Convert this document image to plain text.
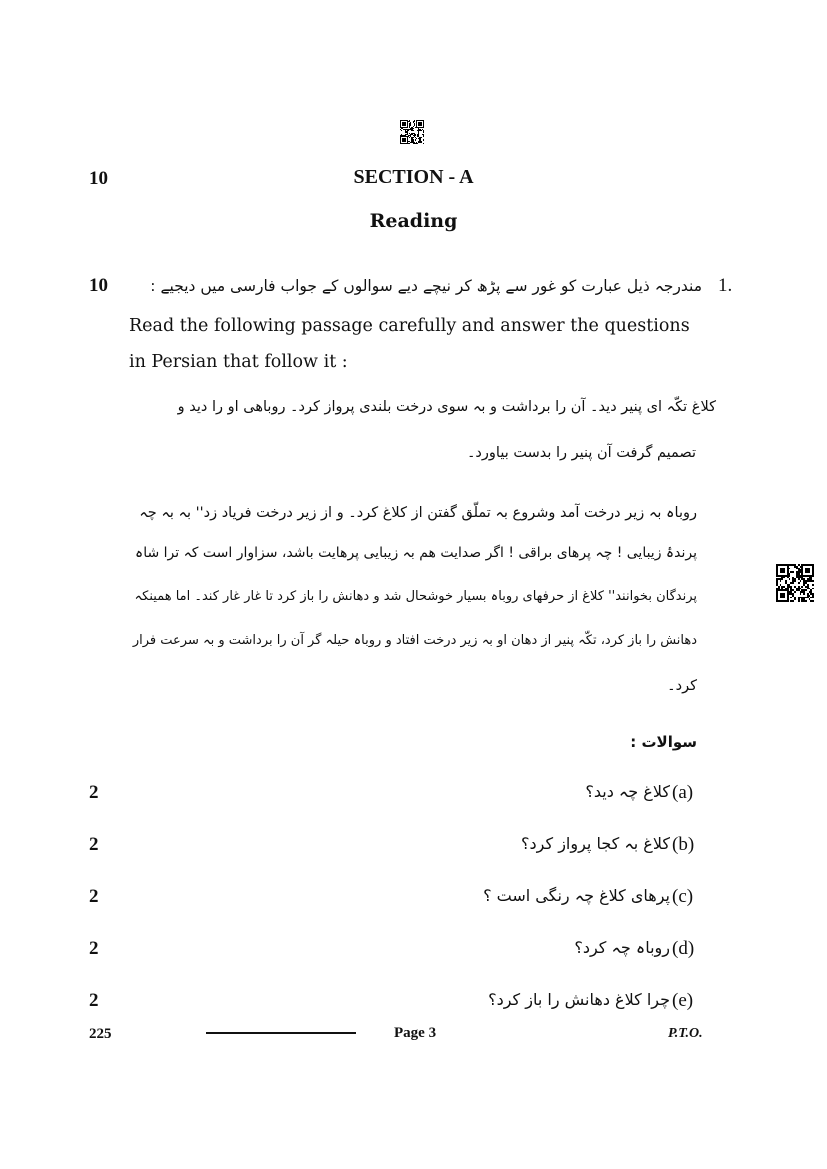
10	SECTION - A
Reading
10	1.
مندرجہ ذیل عبارت کو غور سے پڑھ کر نیچے دیے سوالوں کے جواب فارسی میں دیجیے :
Read the following passage carefully and answer the questions
in Persian that follow it :
کلاغ تکّہ ای پنیر دید۔ آن را برداشت و بہ سوی درخت بلندی پرواز کرد۔ روباهی او را دید و
تصمیم گرفت آن پنیر را بدست بیاورد۔
روباہ بہ زیر درخت آمد وشروع بہ تملّق گفتن از کلاغ کرد۔ و از زیر درخت فریاد زد'' بہ بہ چہ
پرندۂ زیبایی ! چہ پرهای براقی ! اگر صدایت هم بہ زیبایی پرهایت باشد، سزاوار است کہ ترا شاہ
پرندگان بخوانند'' کلاغ از حرفهای روباہ بسیار خوشحال شد و دهانش را باز کرد تا غار غار کند۔ اما همینکہ
دهانش را باز کرد، تکّہ پنیر از دهان او بہ زیر درخت افتاد و روباہ حیلہ گر آن را برداشت و بہ سرعت فرار
کرد۔
سوالات :
2	کلاغ چہ دید؟ (a)
2	کلاغ بہ کجا پرواز کرد؟ (b)
2	پرهای کلاغ چہ رنگی است ؟ (c)
2	روباہ چہ کرد؟ (d)
2	چرا کلاغ دهانش را باز کرد؟ (e)
225	Page 3	P.T.O.
